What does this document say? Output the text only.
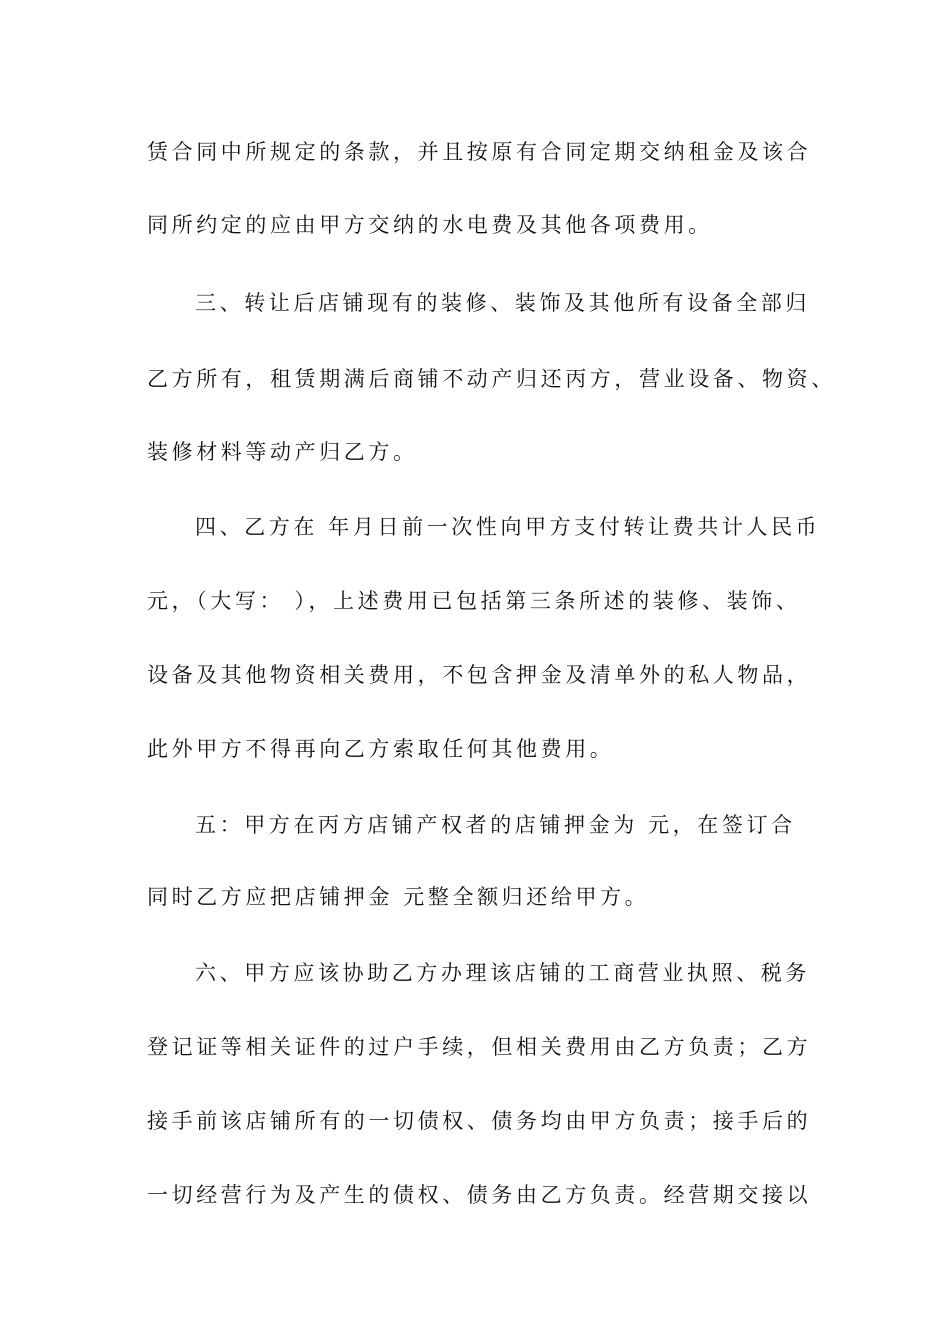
赁合同中所规定的条款，并且按原有合同定期交纳租金及该合
同所约定的应由甲方交纳的水电费及其他各项费用。
三、转让后店铺现有的装修、装饰及其他所有设备全部归
乙方所有，租赁期满后商铺不动产归还丙方，营业设备、物资、
装修材料等动产归乙方。
四、乙方在 年月日前一次性向甲方支付转让费共计人民币
元，（大写： ），上述费用已包括第三条所述的装修、装饰、
设备及其他物资相关费用，不包含押金及清单外的私人物品，
此外甲方不得再向乙方索取任何其他费用。
五：甲方在丙方店铺产权者的店铺押金为 元，在签订合
同时乙方应把店铺押金 元整全额归还给甲方。
六、甲方应该协助乙方办理该店铺的工商营业执照、税务
登记证等相关证件的过户手续，但相关费用由乙方负责；乙方
接手前该店铺所有的一切债权、债务均由甲方负责；接手后的
一切经营行为及产生的债权、债务由乙方负责。经营期交接以
